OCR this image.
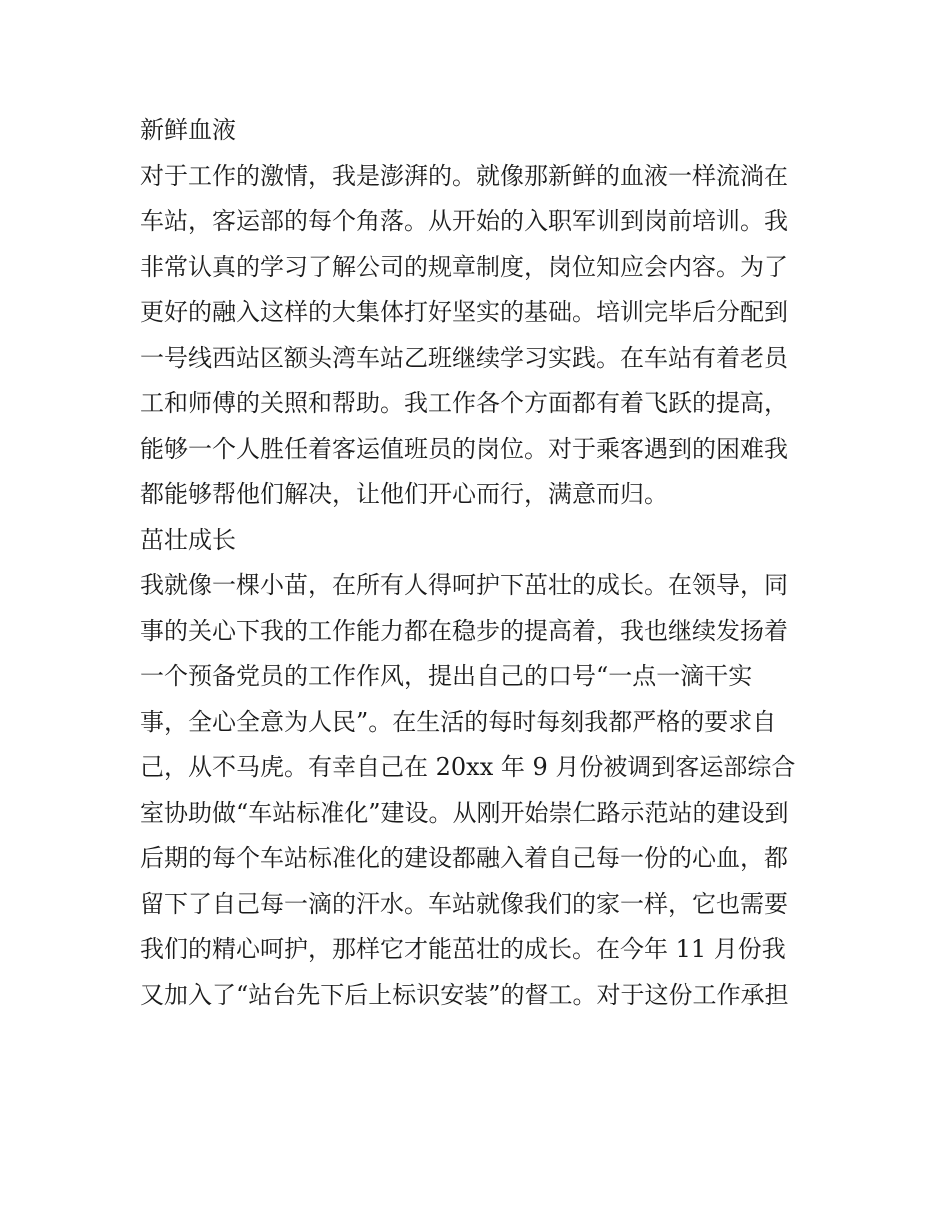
新鲜血液
对于工作的激情，我是澎湃的。就像那新鲜的血液一样流淌在
车站，客运部的每个角落。从开始的入职军训到岗前培训。我
非常认真的学习了解公司的规章制度，岗位知应会内容。为了
更好的融入这样的大集体打好坚实的基础。培训完毕后分配到
一号线西站区额头湾车站乙班继续学习实践。在车站有着老员
工和师傅的关照和帮助。我工作各个方面都有着飞跃的提高，
能够一个人胜任着客运值班员的岗位。对于乘客遇到的困难我
都能够帮他们解决，让他们开心而行，满意而归。
茁壮成长
我就像一棵小苗，在所有人得呵护下茁壮的成长。在领导，同
事的关心下我的工作能力都在稳步的提高着，我也继续发扬着
一个预备党员的工作作风，提出自己的口号“一点一滴干实
事，全心全意为人民”。在生活的每时每刻我都严格的要求自
己，从不马虎。有幸自己在 20xx 年 9 月份被调到客运部综合
室协助做“车站标准化”建设。从刚开始崇仁路示范站的建设到
后期的每个车站标准化的建设都融入着自己每一份的心血，都
留下了自己每一滴的汗水。车站就像我们的家一样，它也需要
我们的精心呵护，那样它才能茁壮的成长。在今年 11 月份我
又加入了“站台先下后上标识安装”的督工。对于这份工作承担
